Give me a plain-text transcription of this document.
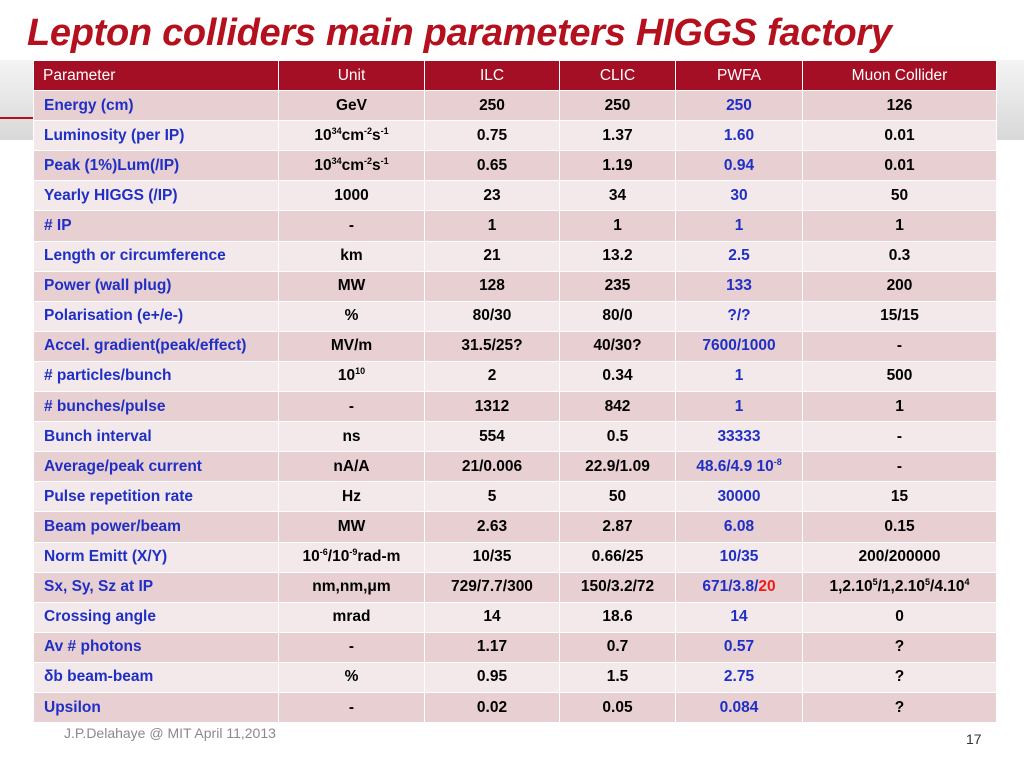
Lepton colliders main parameters HIGGS factory
Parameter	Unit	ILC	CLIC	PWFA	Muon Collider
Energy (cm)	GeV	250	250	250	126
Luminosity (per IP)	$10^{34}cm^{-2}s^{-1}$	0.75	1.37	1.60	0.01
Peak (1%)Lum(/IP)	$10^{34}cm^{-2}s^{-1}$	0.65	1.19	0.94	0.01
Yearly HIGGS (/IP)	1000	23	34	30	50
# IP	-	1	1	1	1
Length or circumference	km	21	13.2	2.5	0.3
Power (wall plug)	MW	128	235	133	200
Polarisation (e+/e-)	%	80/30	80/0	?/?	15/15
Accel. gradient(peak/effect)	MV/m	31.5/25?	40/30?	7600/1000	-
# particles/bunch	$10^{10}$	2	0.34	1	500
# bunches/pulse	-	1312	842	1	1
Bunch interval	ns	554	0.5	33333	-
Average/peak current	nA/A	21/0.006	22.9/1.09	48.6/4.9 $10^{-8}$	-
Pulse repetition rate	Hz	5	50	30000	15
Beam power/beam	MW	2.63	2.87	6.08	0.15
Norm Emitt (X/Y)	$10^{-6}/10^{-9}rad-m$	10/35	0.66/25	10/35	200/200000
Sx, Sy, Sz at IP	nm,nm,μm	729/7.7/300	150/3.2/72	671/3.8/20	1,2.10$^5$/1,2.10$^5$/4.10$^4$
Crossing angle	mrad	14	18.6	14	0
Av # photons	-	1.17	0.7	0.57	?
δb beam-beam	%	0.95	1.5	2.75	?
Upsilon	-	0.02	0.05	0.084	?
J.P.Delahaye @ MIT April 11,2013	17
